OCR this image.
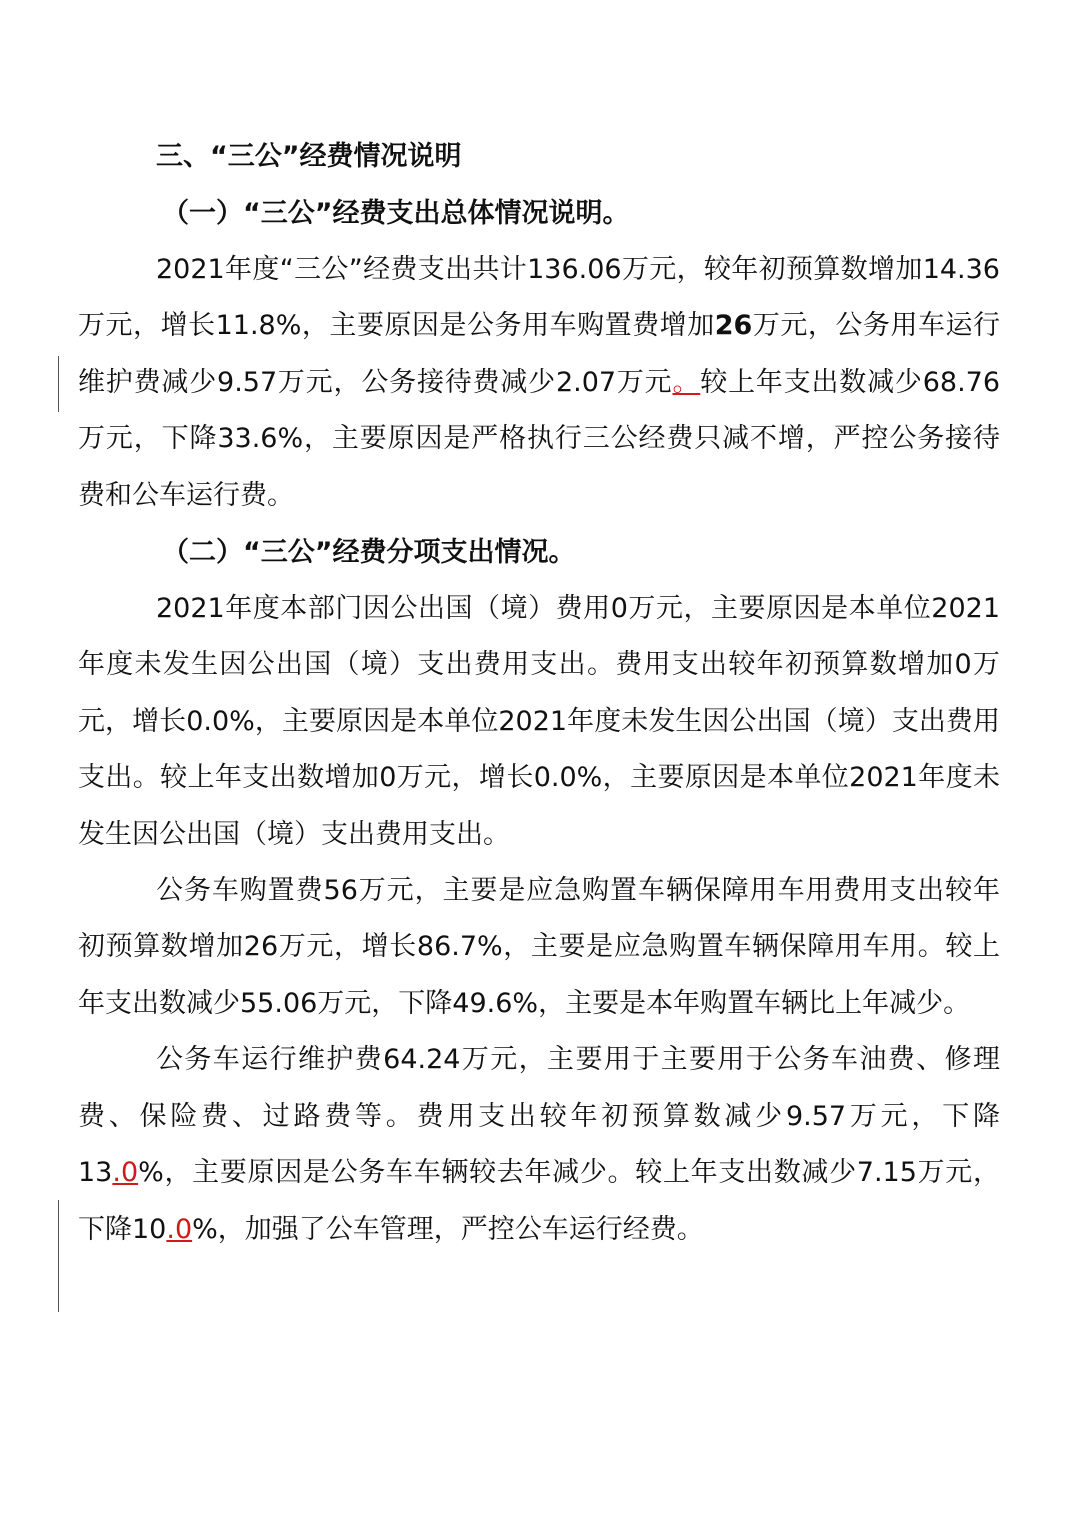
三、“三公”经费情况说明
（一）“三公”经费支出总体情况说明。

2021年度“三公”经费支出共计136.06万元，较年初预算数增加14.36万元，增长11.8%，主要原因是公务用车购置费增加26万元，公务用车运行维护费减少9.57万元，公务接待费减少2.07万元。较上年支出数减少68.76万元，下降33.6%，主要原因是严格执行三公经费只减不增，严控公务接待费和公车运行费。

（二）“三公”经费分项支出情况。

2021年度本部门因公出国（境）费用0万元，主要原因是本单位2021年度未发生因公出国（境）支出费用支出。费用支出较年初预算数增加0万元，增长0.0%，主要原因是本单位2021年度未发生因公出国（境）支出费用支出。较上年支出数增加0万元，增长0.0%，主要原因是本单位2021年度未发生因公出国（境）支出费用支出。

公务车购置费56万元，主要是应急购置车辆保障用车用费用支出较年初预算数增加26万元，增长86.7%，主要是应急购置车辆保障用车用。较上年支出数减少55.06万元，下降49.6%，主要是本年购置车辆比上年减少。

公务车运行维护费64.24万元，主要用于主要用于公务车油费、修理费、保险费、过路费等。费用支出较年初预算数减少9.57万元，下降13.0%，主要原因是公务车车辆较去年减少。较上年支出数减少7.15万元，下降10.0%，加强了公车管理，严控公车运行经费。
